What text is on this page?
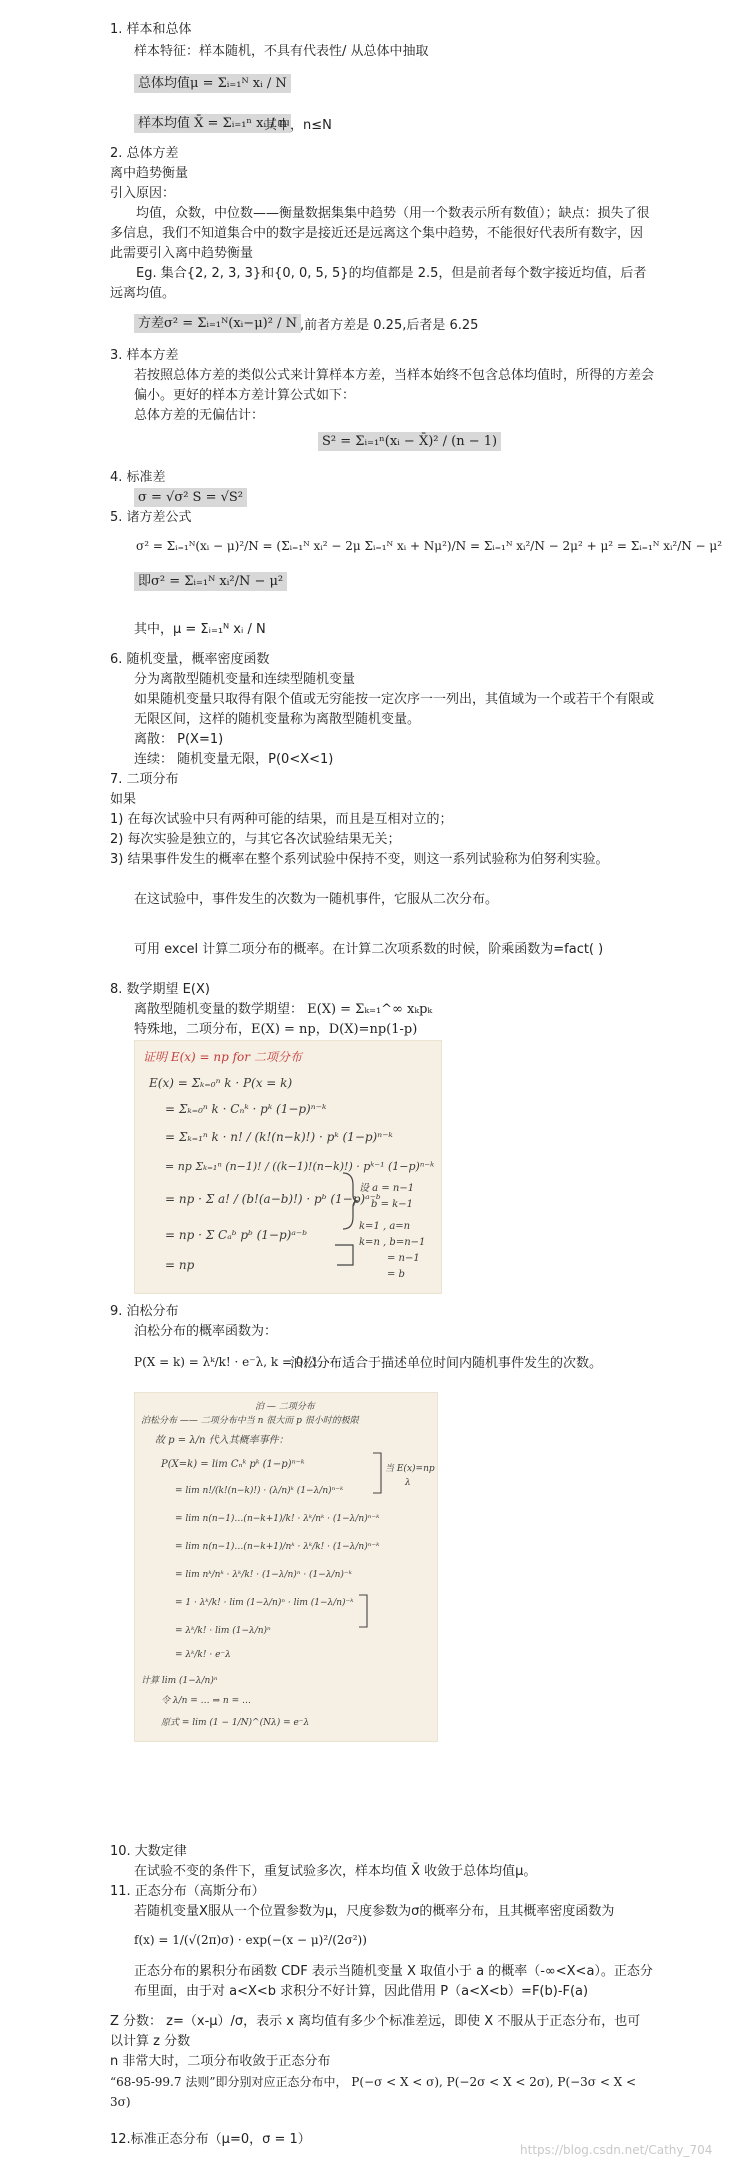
1. 样本和总体
样本特征：样本随机，不具有代表性/ 从总体中抽取
总体均值μ = Σᵢ₌₁ᴺ xᵢ / N
样本均值 X̄ = Σᵢ₌₁ⁿ xᵢ / n
其中，n≤N
2. 总体方差
离中趋势衡量
引入原因：
均值，众数，中位数——衡量数据集集中趋势（用一个数表示所有数值）；缺点：损失了很多信息，我们不知道集合中的数字是接近还是远离这个集中趋势，不能很好代表所有数字，因此需要引入离中趋势衡量
Eg. 集合{2, 2, 3, 3}和{0, 0, 5, 5}的均值都是 2.5，但是前者每个数字接近均值，后者远离均值。
方差σ² = Σᵢ₌₁ᴺ(xᵢ−μ)² / N ,前者方差是 0.25,后者是 6.25
3. 样本方差
若按照总体方差的类似公式来计算样本方差，当样本始终不包含总体均值时，所得的方差会偏小。更好的样本方差计算公式如下：
总体方差的无偏估计：
S² = Σᵢ₌₁ⁿ(xᵢ − X̄)² / (n − 1)
4. 标准差
σ = √σ² S = √S²
5. 诸方差公式
σ² = Σᵢ₌₁ᴺ(xᵢ − μ)²/N = (Σᵢ₌₁ᴺ xᵢ² − 2μ Σᵢ₌₁ᴺ xᵢ + Nμ²)/N = Σᵢ₌₁ᴺ xᵢ²/N − 2μ² + μ² = Σᵢ₌₁ᴺ xᵢ²/N − μ²
即σ² = Σᵢ₌₁ᴺ xᵢ²/N − μ²
其中，μ = Σᵢ₌₁ᴺ xᵢ / N
6. 随机变量，概率密度函数
分为离散型随机变量和连续型随机变量
如果随机变量只取得有限个值或无穷能按一定次序一一列出，其值域为一个或若干个有限或无限区间，这样的随机变量称为离散型随机变量。
离散： P(X=1)
连续： 随机变量无限，P(0<X<1)
7. 二项分布
如果
1) 在每次试验中只有两种可能的结果，而且是互相对立的；
2) 每次实验是独立的，与其它各次试验结果无关；
3) 结果事件发生的概率在整个系列试验中保持不变，则这一系列试验称为伯努利实验。
在这试验中，事件发生的次数为一随机事件，它服从二次分布。
可用 excel 计算二项分布的概率。在计算二次项系数的时候，阶乘函数为=fact( )
8. 数学期望 E(X)
离散型随机变量的数学期望： E(X) = Σₖ₌₁^∞ xₖpₖ
特殊地，二项分布，E(X) = np，D(X)=np(1-p)
证明 E(x) = np for 二项分布
E(x) = Σₖ₌₀ⁿ k · P(x = k)
= Σₖ₌₀ⁿ k · Cₙᵏ · pᵏ (1−p)ⁿ⁻ᵏ
= Σₖ₌₁ⁿ k · n! / (k!(n−k)!) · pᵏ (1−p)ⁿ⁻ᵏ
= np Σₖ₌₁ⁿ (n−1)! / ((k−1)!(n−k)!) · pᵏ⁻¹ (1−p)ⁿ⁻ᵏ
= np · Σ a! / (b!(a−b)!) · pᵇ (1−p)ᵃ⁻ᵇ
= np · Σ Cₐᵇ pᵇ (1−p)ᵃ⁻ᵇ
= np
设 a = n−1
b = k−1
k=1 , a=n
k=n , b=n−1
= n−1
= b
9. 泊松分布
泊松分布的概率函数为：
P(X = k) = λᵏ/k! · e⁻λ, k = 0, 1, ⋯
泊松分布适合于描述单位时间内随机事件发生的次数。
泊 — 二项分布
泊松分布 —— 二项分布中当 n 很大而 p 很小时的极限
故 p = λ/n 代入其概率事件：
P(X=k) = lim Cₙᵏ pᵏ (1−p)ⁿ⁻ᵏ
= lim n!/(k!(n−k)!) · (λ/n)ᵏ (1−λ/n)ⁿ⁻ᵏ
= lim n(n−1)…(n−k+1)/k! · λᵏ/nᵏ · (1−λ/n)ⁿ⁻ᵏ
= lim n(n−1)…(n−k+1)/nᵏ · λᵏ/k! · (1−λ/n)ⁿ⁻ᵏ
= lim nᵏ/nᵏ · λᵏ/k! · (1−λ/n)ⁿ · (1−λ/n)⁻ᵏ
= 1 · λᵏ/k! · lim (1−λ/n)ⁿ · lim (1−λ/n)⁻ᵏ
= λᵏ/k! · lim (1−λ/n)ⁿ
= λᵏ/k! · e⁻λ
计算 lim (1−λ/n)ⁿ
令 λ/n = … ⇒ n = …
原式 = lim (1 − 1/N)^(Nλ) = e⁻λ
当 E(x)=np
λ
10. 大数定律
在试验不变的条件下，重复试验多次，样本均值 X̄ 收敛于总体均值μ。
11. 正态分布（高斯分布）
若随机变量X服从一个位置参数为μ，尺度参数为σ的概率分布，且其概率密度函数为
f(x) = 1/(√(2π)σ) · exp(−(x − μ)²/(2σ²))
正态分布的累积分布函数 CDF 表示当随机变量 X 取值小于 a 的概率（-∞<X<a）。正态分布里面，由于对 a<X<b 求积分不好计算，因此借用 P（a<X<b）=F(b)-F(a)
Z 分数： z=（x-μ）/σ，表示 x 离均值有多少个标准差远，即使 X 不服从于正态分布，也可以计算 z 分数
n 非常大时，二项分布收敛于正态分布
“68-95-99.7 法则”即分别对应正态分布中， P(−σ < X < σ), P(−2σ < X < 2σ), P(−3σ < X < 3σ)
12.标准正态分布（μ=0，σ = 1）
https://blog.csdn.net/Cathy_704
